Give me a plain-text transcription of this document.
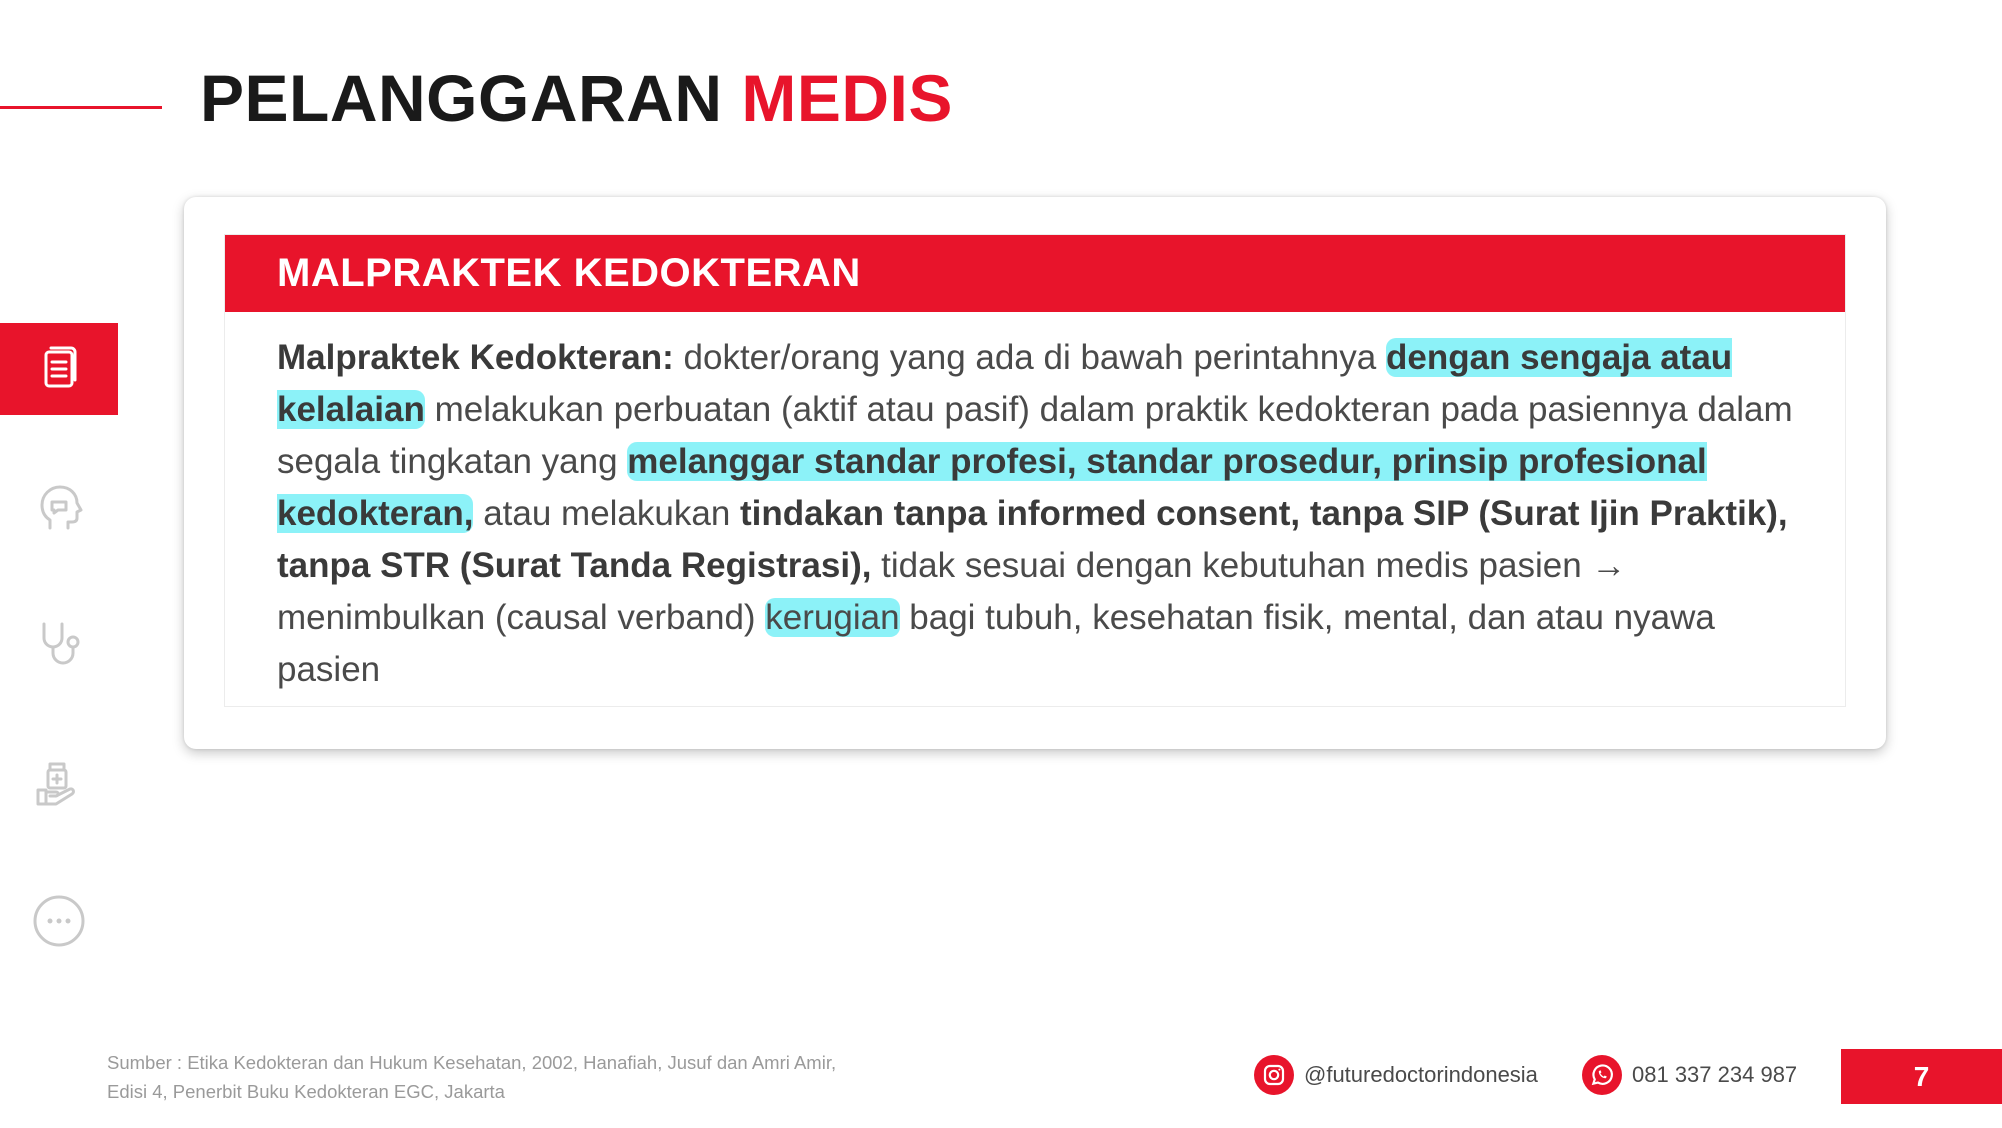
PELANGGARAN MEDIS
MALPRAKTEK KEDOKTERAN

Malpraktek Kedokteran: dokter/orang yang ada di bawah perintahnya dengan sengaja atau kelalaian melakukan perbuatan (aktif atau pasif) dalam praktik kedokteran pada pasiennya dalam segala tingkatan yang melanggar standar profesi, standar prosedur, prinsip profesional kedokteran, atau melakukan tindakan tanpa informed consent, tanpa SIP (Surat Ijin Praktik), tanpa STR (Surat Tanda Registrasi), tidak sesuai dengan kebutuhan medis pasien → menimbulkan (causal verband) kerugian bagi tubuh, kesehatan fisik, mental, dan atau nyawa pasien

Sumber : Etika Kedokteran dan Hukum Kesehatan, 2002, Hanafiah, Jusuf dan Amri Amir,
Edisi 4, Penerbit Buku Kedokteran EGC, Jakarta
@futuredoctorindonesia	081 337 234 987	7
